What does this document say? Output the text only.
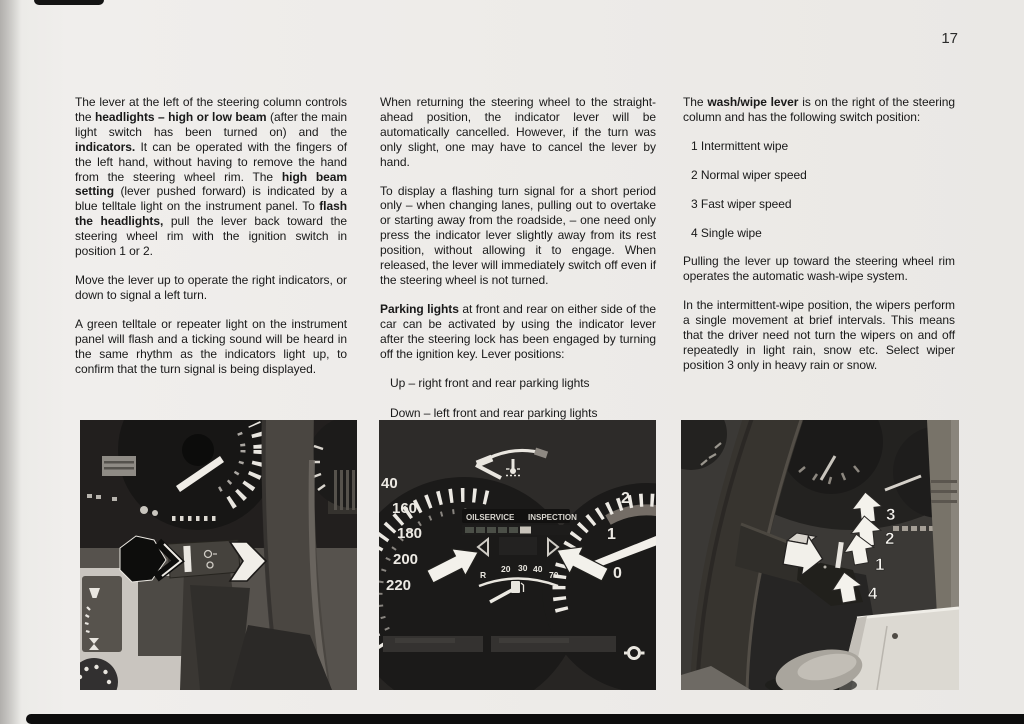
17

The lever at the left of the steering column controls the headlights – high or low beam (after the main light switch has been turned on) and the indicators. It can be operated with the fingers of the left hand, without having to remove the hand from the steering wheel rim. The high beam setting (lever pushed forward) is indicated by a blue telltale light on the instrument panel. To flash the headlights, pull the lever back toward the steering wheel rim with the ignition switch in position 1 or 2.

Move the lever up to operate the right indicators, or down to signal a left turn.

A green telltale or repeater light on the instrument panel will flash and a ticking sound will be heard in the same rhythm as the indicators light up, to confirm that the turn signal is being displayed.

When returning the steering wheel to the straight-ahead position, the indicator lever will be automatically cancelled. However, if the turn was only slight, one may have to cancel the lever by hand.

To display a flashing turn signal for a short period only – when changing lanes, pulling out to overtake or starting away from the roadside, – one need only press the indicator lever slightly away from its rest position, without allowing it to engage. When released, the lever will immediately switch off even if the steering wheel is not turned.

Parking lights at front and rear on either side of the car can be activated by using the indicator lever after the steering lock has been engaged by turning off the ignition key. Lever positions:

Up – right front and rear parking lights

Down – left front and rear parking lights

The wash/wipe lever is on the right of the steering column and has the following switch position:

1 Intermittent wipe

2 Normal wiper speed

3 Fast wiper speed

4 Single wipe

Pulling the lever up toward the steering wheel rim operates the automatic wash-wipe system.

In the intermittent-wipe position, the wipers perform a single movement at brief intervals. This means that the driver need not turn the wipers on and off repeatedly in light rain, snow etc. Select wiper position 3 only in heavy rain or snow.

40
160
180
200
220
2
1
0
OILSERVICE INSPECTION
R
20 30 40
70
3
2
1
4
